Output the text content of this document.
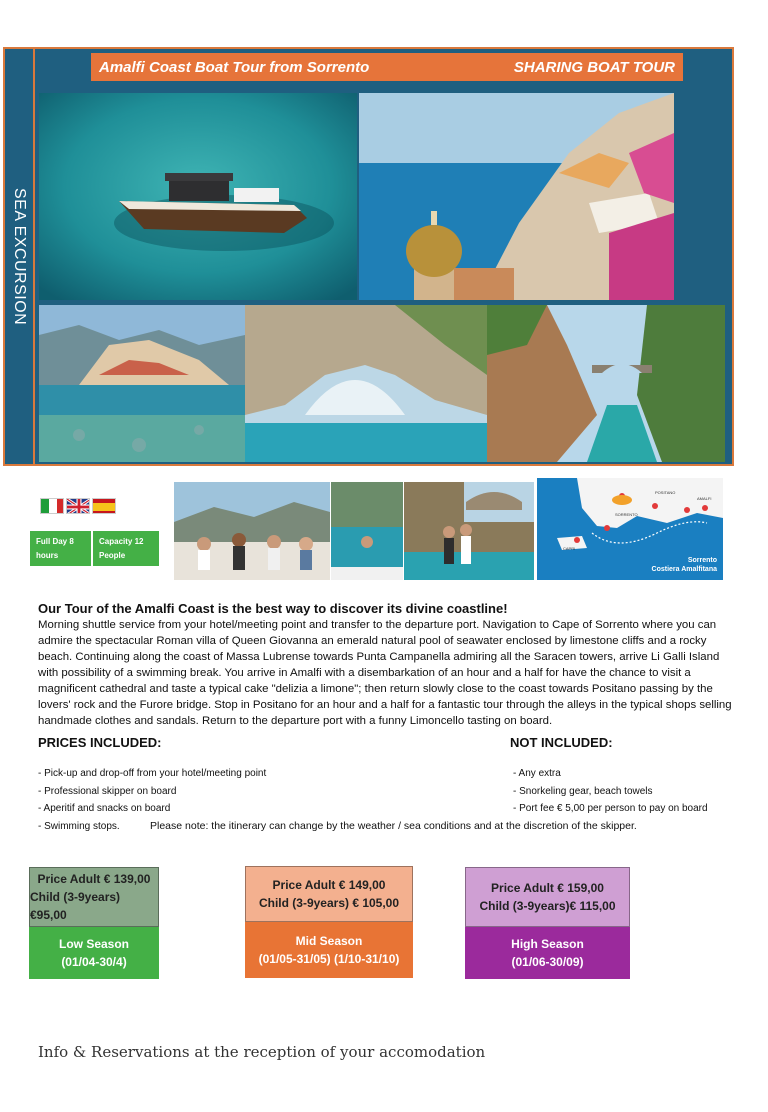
SEA EXCURSION
Amalfi Coast Boat Tour from Sorrento	SHARING BOAT TOUR
Full Day 8 hours
Capacity 12 People
POSITANO
AMALFI
SORRENTO
CAPRI
Sorrento
Costiera Amalfitana
Our Tour of the Amalfi Coast is the best way to discover its divine coastline!
Morning shuttle service from your hotel/meeting point and transfer to the departure port. Navigation to Cape of Sorrento where you can admire the spectacular Roman villa of Queen Giovanna an emerald natural pool of seawater enclosed by limestone cliffs and a rocky beach. Continuing along the coast of Massa Lubrense towards Punta Campanella admiring all the Saracen towers, arrive Li Galli Island with possibility of a swimming break. You arrive in Amalfi with a disembarkation of an hour and a half for have the chance to visit a magnificent cathedral and taste a typical cake "delizia a limone"; then return slowly close to the coast towards Positano passing by the lovers' rock and the Furore bridge. Stop in Positano for an hour and a half for a fantastic tour through the alleys in the typical shops selling handmade clothes and sandals. Return to the departure port with a funny Limoncello tasting on board.
PRICES INCLUDED:	NOT INCLUDED:
- Pick-up and drop-off from your hotel/meeting point
- Professional skipper on board
- Aperitif and snacks on board
- Swimming stops.
- Any extra
- Snorkeling gear, beach towels
- Port fee € 5,00 per person to pay on board
Please note: the itinerary can change by the weather / sea conditions and at the discretion of the skipper.
Price Adult € 139,00
Child (3-9years) €95,00
Low Season
(01/04-30/4)
Price Adult € 149,00
Child (3-9years) € 105,00
Mid Season
(01/05-31/05) (1/10-31/10)
Price Adult € 159,00
Child (3-9years)€ 115,00
High Season
(01/06-30/09)
Info & Reservations at the reception of your accomodation
